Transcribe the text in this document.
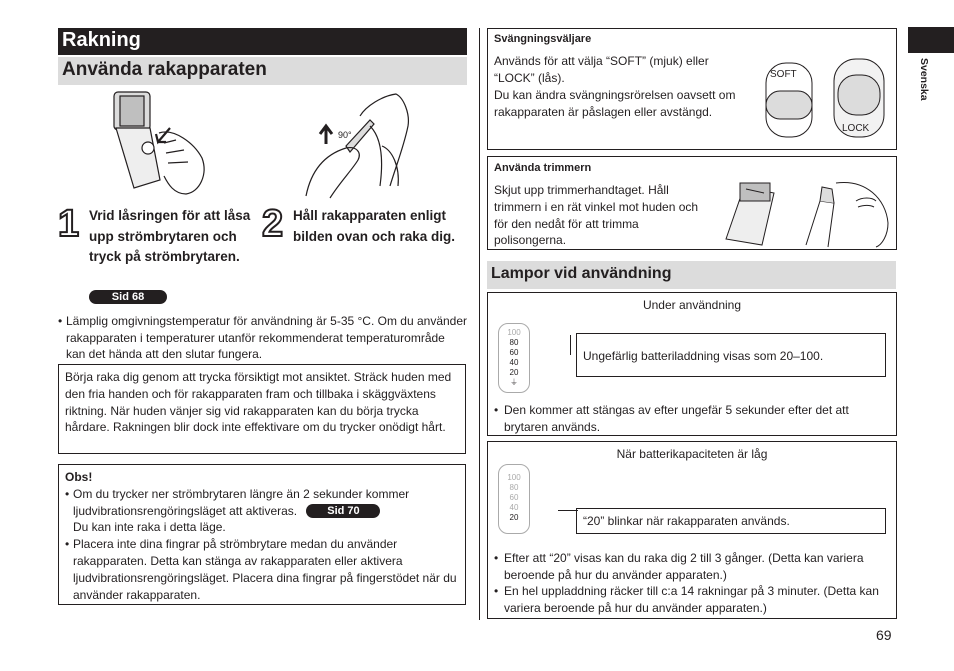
Rakning
Använda rakapparaten
90°
1 Vrid låsringen för att låsa upp strömbrytaren och tryck på strömbrytaren.
Sid 68
2 Håll rakapparaten enligt bilden ovan och raka dig.
• Lämplig omgivningstemperatur för användning är 5-35 °C. Om du använder rakapparaten i temperaturer utanför rekommenderat temperaturområde kan det hända att den slutar fungera.
Börja raka dig genom att trycka försiktigt mot ansiktet. Sträck huden med den fria handen och för rakapparaten fram och tillbaka i skäggväxtens riktning. När huden vänjer sig vid rakapparaten kan du börja trycka hårdare. Rakningen blir dock inte effektivare om du trycker onödigt hårt.
Obs!
• Om du trycker ner strömbrytaren längre än 2 sekunder kommer ljudvibrationsrengöringsläget att aktiveras.	Sid 70
Du kan inte raka i detta läge.
• Placera inte dina fingrar på strömbrytare medan du använder rakapparaten. Detta kan stänga av rakapparaten eller aktivera ljudvibrationsrengöringsläget. Placera dina fingrar på fingerstödet när du använder rakapparaten.
Svängningsväljare
Används för att välja “SOFT” (mjuk) eller “LOCK” (lås).
Du kan ändra svängningsrörelsen oavsett om rakapparaten är påslagen eller avstängd.
SOFT
LOCK
Använda trimmern
Skjut upp trimmerhandtaget. Håll trimmern i en rät vinkel mot huden och för den nedåt för att trimma polisongerna.
Lampor vid användning
Under användning
100
80
60
40
20
⏚
Ungefärlig batteriladdning visas som 20–100.
• Den kommer att stängas av efter ungefär 5 sekunder efter det att brytaren används.
När batterikapaciteten är låg
100
80
60
40
20	“20” blinkar när rakapparaten används.
• Efter att “20” visas kan du raka dig 2 till 3 gånger. (Detta kan variera beroende på hur du använder apparaten.)
• En hel uppladdning räcker till c:a 14 rakningar på 3 minuter. (Detta kan variera beroende på hur du använder apparaten.)
Svenska
69
